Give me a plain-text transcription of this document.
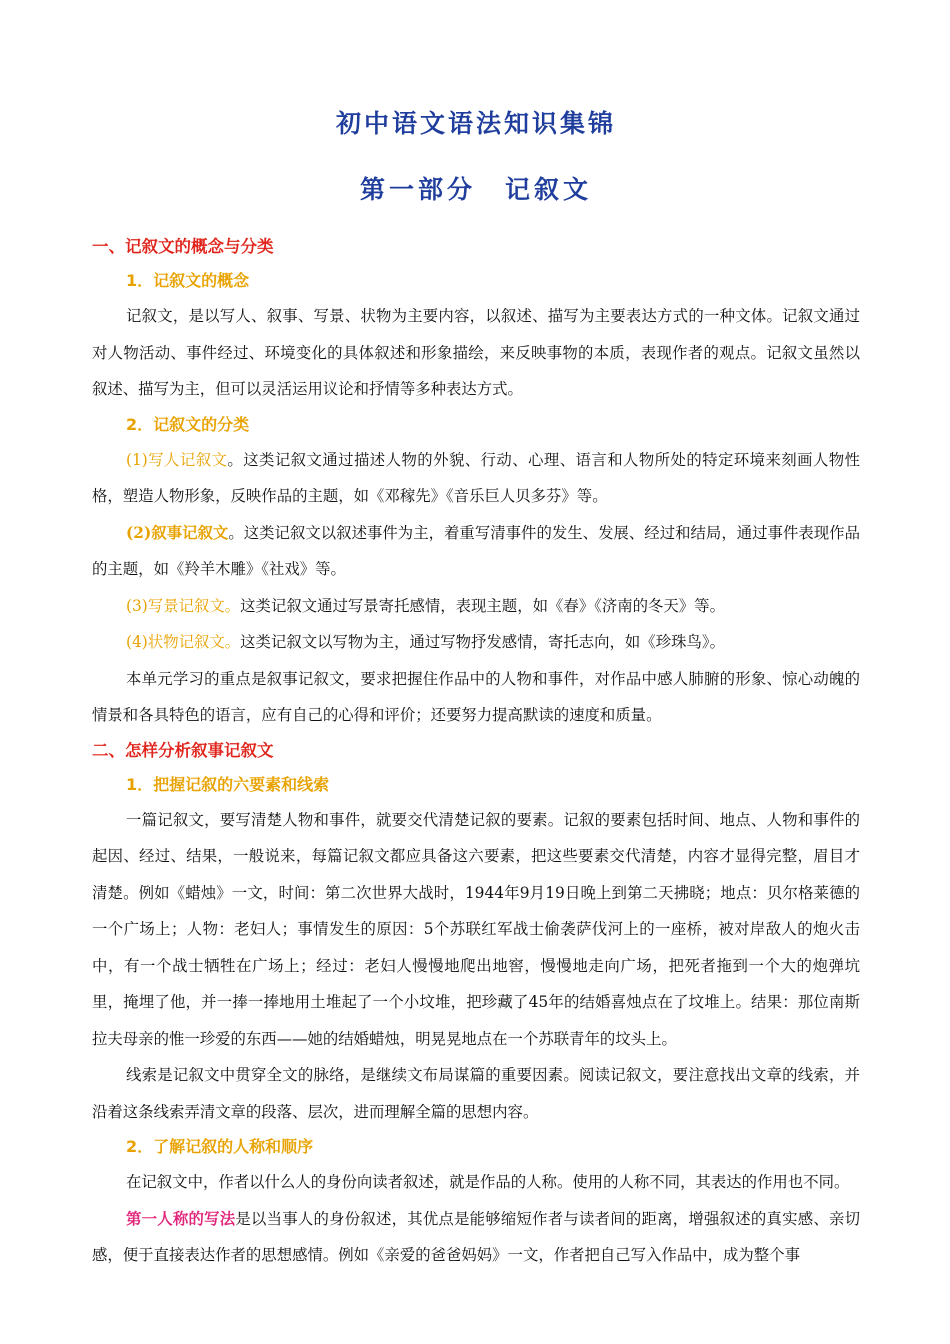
初中语文语法知识集锦
第一部分　记叙文
一、记叙文的概念与分类
1．记叙文的概念

记叙文，是以写人、叙事、写景、状物为主要内容，以叙述、描写为主要表达方式的一种文体。记叙文通过对人物活动、事件经过、环境变化的具体叙述和形象描绘，来反映事物的本质，表现作者的观点。记叙文虽然以叙述、描写为主，但可以灵活运用议论和抒情等多种表达方式。

2．记叙文的分类

(1)写人记叙文。这类记叙文通过描述人物的外貌、行动、心理、语言和人物所处的特定环境来刻画人物性格，塑造人物形象，反映作品的主题，如《邓稼先》《音乐巨人贝多芬》等。

(2)叙事记叙文。这类记叙文以叙述事件为主，着重写清事件的发生、发展、经过和结局，通过事件表现作品的主题，如《羚羊木雕》《社戏》等。

(3)写景记叙文。这类记叙文通过写景寄托感情，表现主题，如《春》《济南的冬天》等。

(4)状物记叙文。这类记叙文以写物为主，通过写物抒发感情，寄托志向，如《珍珠鸟》。

本单元学习的重点是叙事记叙文，要求把握住作品中的人物和事件，对作品中感人肺腑的形象、惊心动魄的情景和各具特色的语言，应有自己的心得和评价；还要努力提高默读的速度和质量。

二、怎样分析叙事记叙文
1．把握记叙的六要素和线索

一篇记叙文，要写清楚人物和事件，就要交代清楚记叙的要素。记叙的要素包括时间、地点、人物和事件的起因、经过、结果，一般说来，每篇记叙文都应具备这六要素，把这些要素交代清楚，内容才显得完整，眉目才清楚。例如《蜡烛》一文，时间：第二次世界大战时，1944年9月19日晚上到第二天拂晓；地点：贝尔格莱德的一个广场上；人物：老妇人；事情发生的原因：5个苏联红军战士偷袭萨伐河上的一座桥，被对岸敌人的炮火击中，有一个战士牺牲在广场上；经过：老妇人慢慢地爬出地窖，慢慢地走向广场，把死者拖到一个大的炮弹坑里，掩埋了他，并一捧一捧地用土堆起了一个小坟堆，把珍藏了45年的结婚喜烛点在了坟堆上。结果：那位南斯拉夫母亲的惟一珍爱的东西——她的结婚蜡烛，明晃晃地点在一个苏联青年的坟头上。

线索是记叙文中贯穿全文的脉络，是继续文布局谋篇的重要因素。阅读记叙文，要注意找出文章的线索，并沿着这条线索弄清文章的段落、层次，进而理解全篇的思想内容。

2．了解记叙的人称和顺序

在记叙文中，作者以什么人的身份向读者叙述，就是作品的人称。使用的人称不同，其表达的作用也不同。

第一人称的写法是以当事人的身份叙述，其优点是能够缩短作者与读者间的距离，增强叙述的真实感、亲切感，便于直接表达作者的思想感情。例如《亲爱的爸爸妈妈》一文，作者把自己写入作品中，成为整个事
